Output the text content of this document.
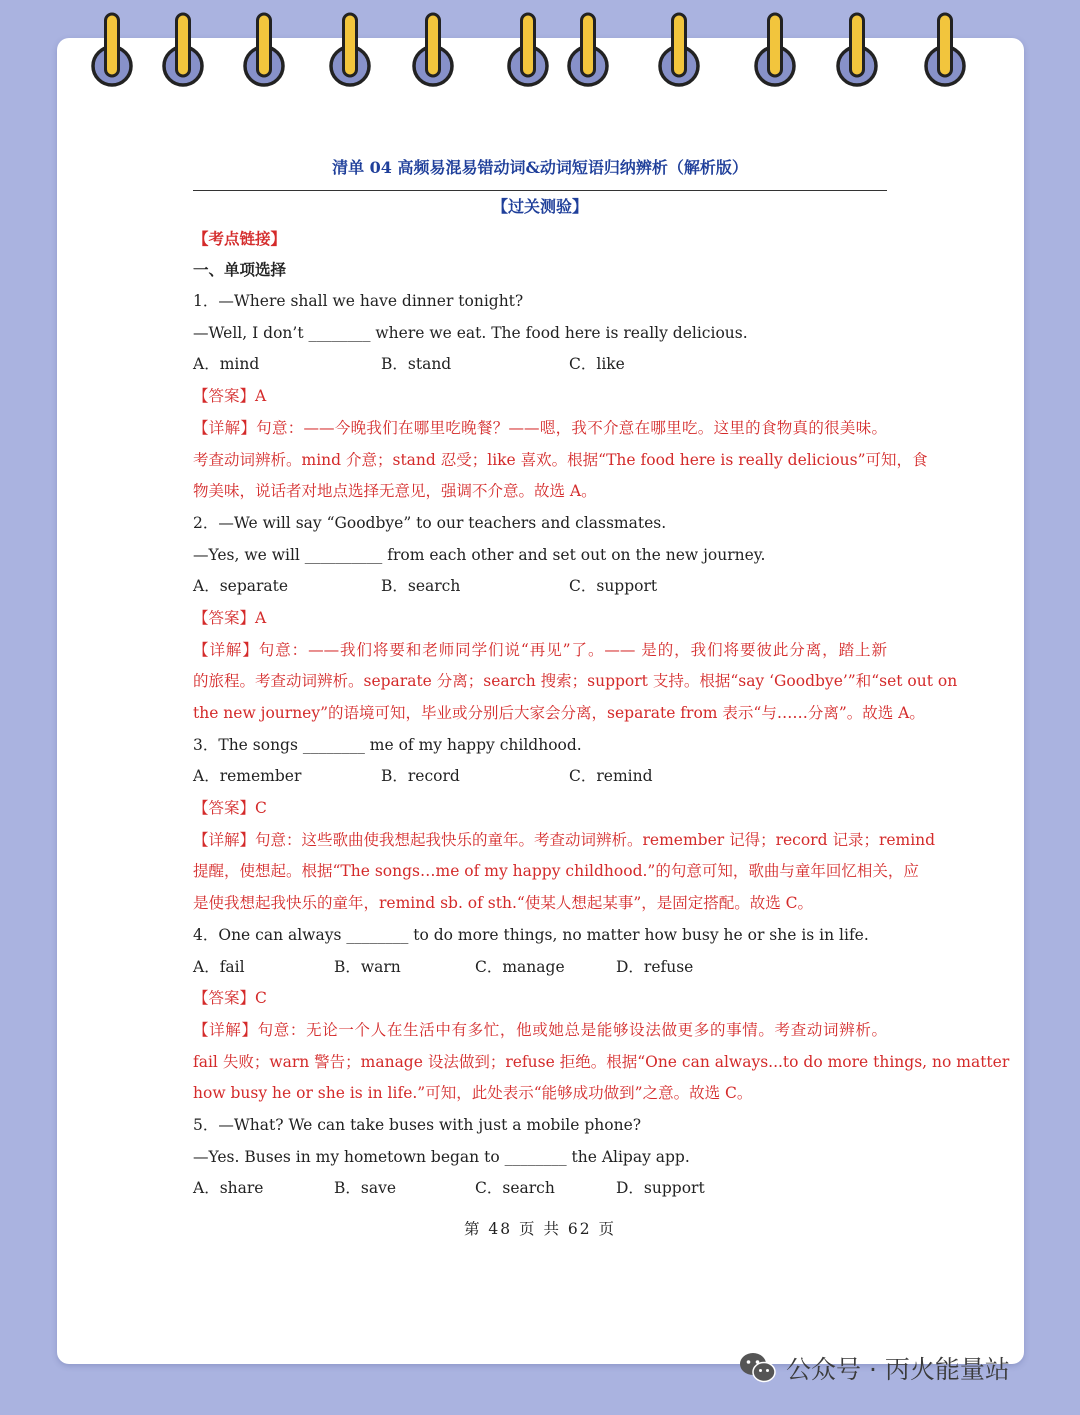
清单 04 高频易混易错动词&动词短语归纳辨析（解析版）
【过关测验】
【考点链接】
一、单项选择
1．—Where shall we have dinner tonight?
—Well, I don’t ________ where we eat. The food here is really delicious.
A．mind	B．stand	C．like
【答案】A
【详解】句意：——今晚我们在哪里吃晚餐？——嗯，我不介意在哪里吃。这里的食物真的很美味。
考查动词辨析。mind 介意；stand 忍受；like 喜欢。根据“The food here is really delicious”可知，食
物美味，说话者对地点选择无意见，强调不介意。故选 A。
2．—We will say “Goodbye” to our teachers and classmates.
—Yes, we will __________ from each other and set out on the new journey.
A．separate	B．search	C．support
【答案】A
【详解】句意：——我们将要和老师同学们说“再见”了。—— 是的，我们将要彼此分离，踏上新
的旅程。考查动词辨析。separate 分离；search 搜索；support 支持。根据“say ‘Goodbye’”和“set out on
the new journey”的语境可知，毕业或分别后大家会分离，separate from 表示“与……分离”。故选 A。
3．The songs ________ me of my happy childhood.
A．remember	B．record	C．remind
【答案】C
【详解】句意：这些歌曲使我想起我快乐的童年。考查动词辨析。remember 记得；record 记录；remind
提醒，使想起。根据“The songs…me of my happy childhood.”的句意可知，歌曲与童年回忆相关，应
是使我想起我快乐的童年，remind sb. of sth.“使某人想起某事”，是固定搭配。故选 C。
4．One can always ________ to do more things, no matter how busy he or she is in life.
A．fail	B．warn	C．manage	D．refuse
【答案】C
【详解】句意：无论一个人在生活中有多忙，他或她总是能够设法做更多的事情。考查动词辨析。
fail 失败；warn 警告；manage 设法做到；refuse 拒绝。根据“One can always...to do more things, no matter
how busy he or she is in life.”可知，此处表示“能够成功做到”之意。故选 C。
5．—What? We can take buses with just a mobile phone?
—Yes. Buses in my hometown began to ________ the Alipay app.
A．share	B．save	C．search	D．support
第 48 页 共 62 页
公众号 · 丙火能量站
